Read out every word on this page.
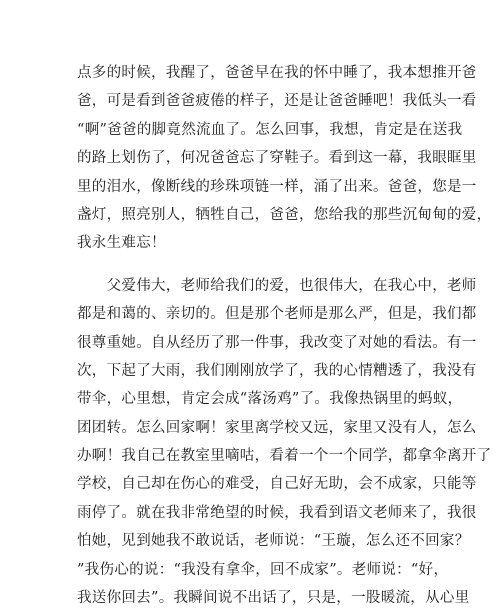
点多的时候，我醒了，爸爸早在我的怀中睡了，我本想推开爸
爸，可是看到爸爸疲倦的样子，还是让爸爸睡吧！我低头一看
“啊”爸爸的脚竟然流血了。怎么回事，我想，肯定是在送我
的路上划伤了，何况爸爸忘了穿鞋子。看到这一幕，我眼眶里
里的泪水，像断线的珍珠项链一样，涌了出来。爸爸，您是一
盏灯，照亮别人，牺牲自己，爸爸，您给我的那些沉甸甸的爱，
我永生难忘！
　　父爱伟大，老师给我们的爱，也很伟大，在我心中，老师
都是和蔼的、亲切的。但是那个老师是那么严，但是，我们都
很尊重她。自从经历了那一件事，我改变了对她的看法。有一
次，下起了大雨，我们刚刚放学了，我的心情糟透了，我没有
带伞，心里想，肯定会成“落汤鸡”了。我像热锅里的蚂蚁，
团团转。怎么回家啊！家里离学校又远，家里又没有人，怎么
办啊！我自己在教室里嘀咕，看着一个一个同学，都拿伞离开了
学校，自己却在伤心的难受，自己好无助，会不成家，只能等
雨停了。就在我非常绝望的时候，我看到语文老师来了，我很
怕她，见到她我不敢说话，老师说：“王璇，怎么还不回家？
”我伤心的说：“我没有拿伞，回不成家”。老师说：“好，
我送你回去”。我瞬间说不出话了，只是，一股暖流，从心里
